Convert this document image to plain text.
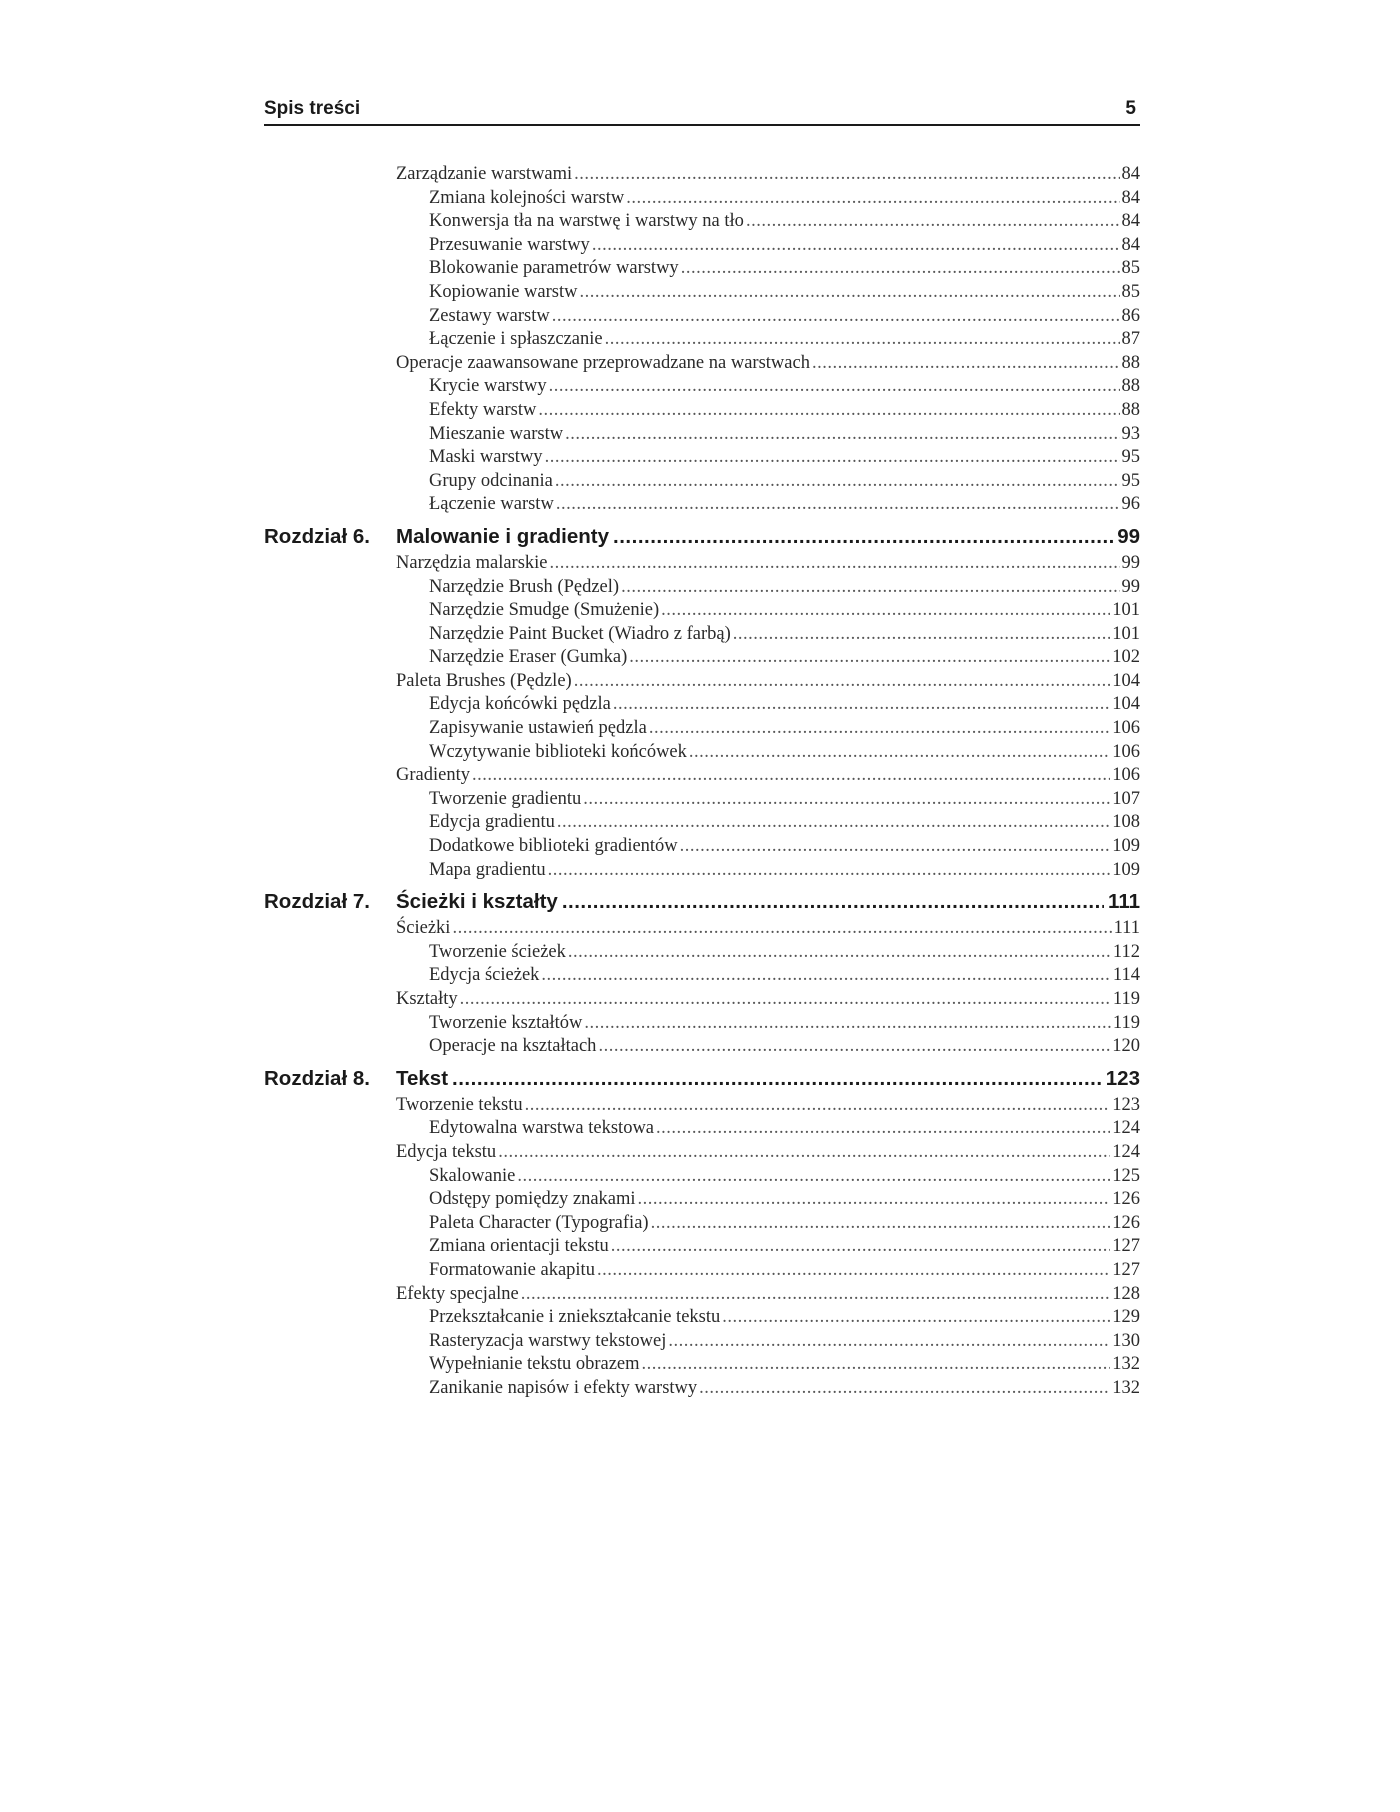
Spis treści	5
Zarządzanie warstwami .....	84
Zmiana kolejności warstw .....	84
Konwersja tła na warstwę i warstwy na tło .....	84
Przesuwanie warstwy .....	84
Blokowanie parametrów warstwy .....	85
Kopiowanie warstw .....	85
Zestawy warstw .....	86
Łączenie i spłaszczanie .....	87
Operacje zaawansowane przeprowadzane na warstwach .....	88
Krycie warstwy .....	88
Efekty warstw .....	88
Mieszanie warstw .....	93
Maski warstwy .....	95
Grupy odcinania .....	95
Łączenie warstw .....	96
Rozdział 6.	Malowanie i gradienty .....	99
Narzędzia malarskie .....	99
Narzędzie Brush (Pędzel) .....	99
Narzędzie Smudge (Smużenie) .....	101
Narzędzie Paint Bucket (Wiadro z farbą) .....	101
Narzędzie Eraser (Gumka) .....	102
Paleta Brushes (Pędzle) .....	104
Edycja końcówki pędzla .....	104
Zapisywanie ustawień pędzla .....	106
Wczytywanie biblioteki końcówek .....	106
Gradienty .....	106
Tworzenie gradientu .....	107
Edycja gradientu .....	108
Dodatkowe biblioteki gradientów .....	109
Mapa gradientu .....	109
Rozdział 7.	Ścieżki i kształty .....	111
Ścieżki .....	111
Tworzenie ścieżek .....	112
Edycja ścieżek .....	114
Kształty .....	119
Tworzenie kształtów .....	119
Operacje na kształtach .....	120
Rozdział 8.	Tekst .....	123
Tworzenie tekstu .....	123
Edytowalna warstwa tekstowa .....	124
Edycja tekstu .....	124
Skalowanie .....	125
Odstępy pomiędzy znakami .....	126
Paleta Character (Typografia) .....	126
Zmiana orientacji tekstu .....	127
Formatowanie akapitu .....	127
Efekty specjalne .....	128
Przekształcanie i zniekształcanie tekstu .....	129
Rasteryzacja warstwy tekstowej .....	130
Wypełnianie tekstu obrazem .....	132
Zanikanie napisów i efekty warstwy .....	132
